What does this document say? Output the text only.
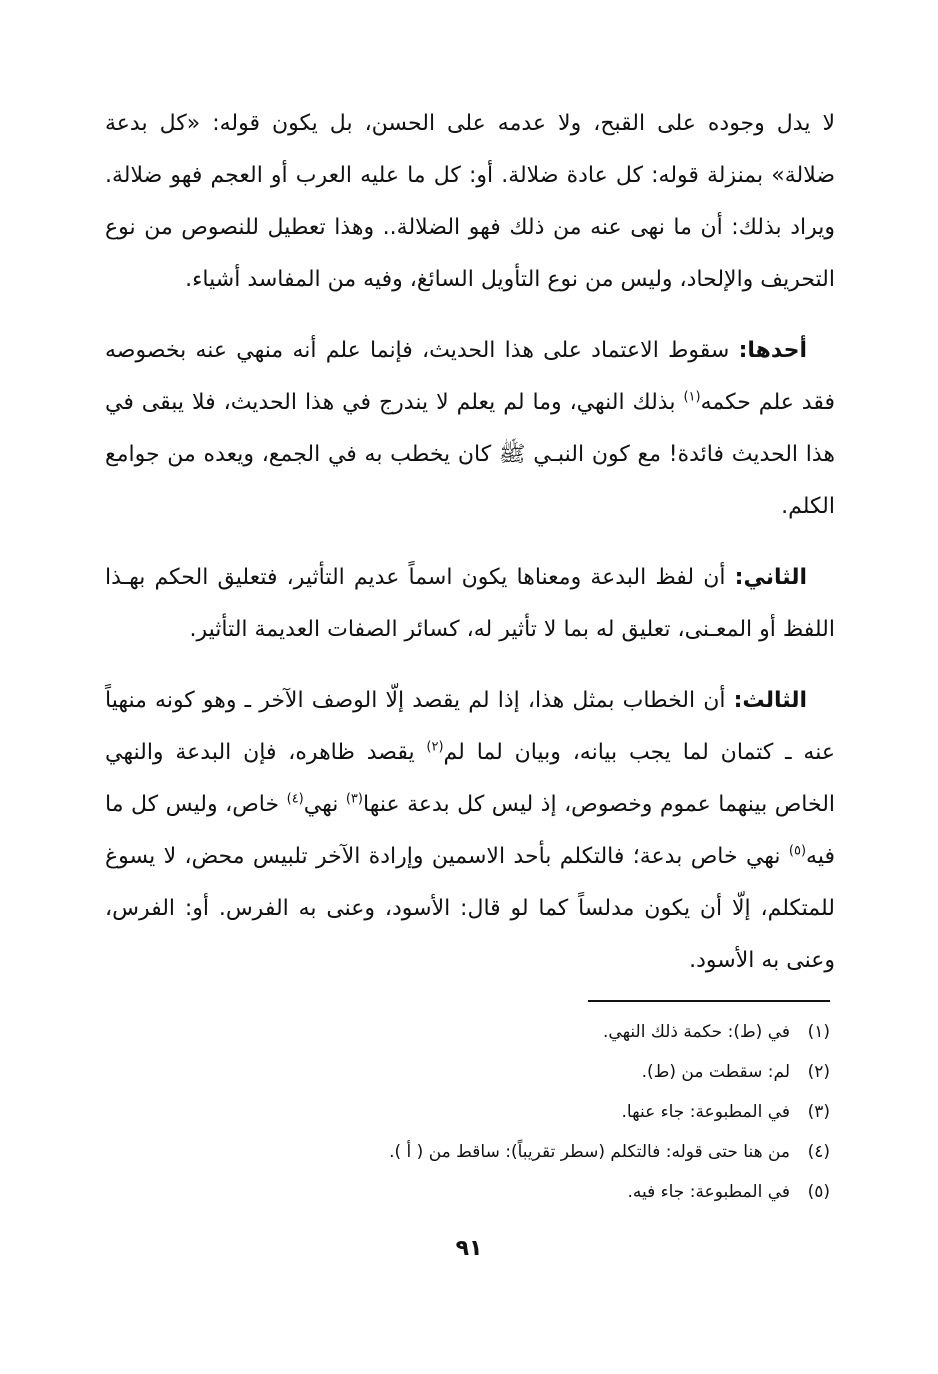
لا يدل وجوده على القبح، ولا عدمه على الحسن، بل يكون قوله: «كل بدعة ضلالة» بمنزلة قوله: كل عادة ضلالة. أو: كل ما عليه العرب أو العجم فهو ضلالة. ويراد بذلك: أن ما نهى عنه من ذلك فهو الضلالة.. وهذا تعطيل للنصوص من نوع التحريف والإلحاد، وليس من نوع التأويل السائغ، وفيه من المفاسد أشياء.

أحدها: سقوط الاعتماد على هذا الحديث، فإنما علم أنه منهي عنه بخصوصه فقد علم حكمه$^{(١)}$ بذلك النهي، وما لم يعلم لا يندرج في هذا الحديث، فلا يبقى في هذا الحديث فائدة! مع كون النبـي ﷺ كان يخطب به في الجمع، ويعده من جوامع الكلم.

الثاني: أن لفظ البدعة ومعناها يكون اسماً عديم التأثير، فتعليق الحكم بهـذا اللفظ أو المعـنى، تعليق له بما لا تأثير له، كسائر الصفات العديمة التأثير.

الثالث: أن الخطاب بمثل هذا، إذا لم يقصد إلّا الوصف الآخر ـ وهو كونه منهياً عنه ـ كتمان لما يجب بيانه، وبيان لما لم$^{(٢)}$ يقصد ظاهره، فإن البدعة والنهي الخاص بينهما عموم وخصوص، إذ ليس كل بدعة عنها$^{(٣)}$ نهي$^{(٤)}$ خاص، وليس كل ما فيه$^{(٥)}$ نهي خاص بدعة؛ فالتكلم بأحد الاسمين وإرادة الآخر تلبيس محض، لا يسوغ للمتكلم، إلّا أن يكون مدلساً كما لو قال: الأسود، وعنى به الفرس. أو: الفرس، وعنى به الأسود.

(١)في (ط): حكمة ذلك النهي.
(٢)لم: سقطت من (ط).
(٣)في المطبوعة: جاء عنها.
(٤)من هنا حتى قوله: فالتكلم (سطر تقريباً): ساقط من ( أ ).
(٥)في المطبوعة: جاء فيه.
٩١
